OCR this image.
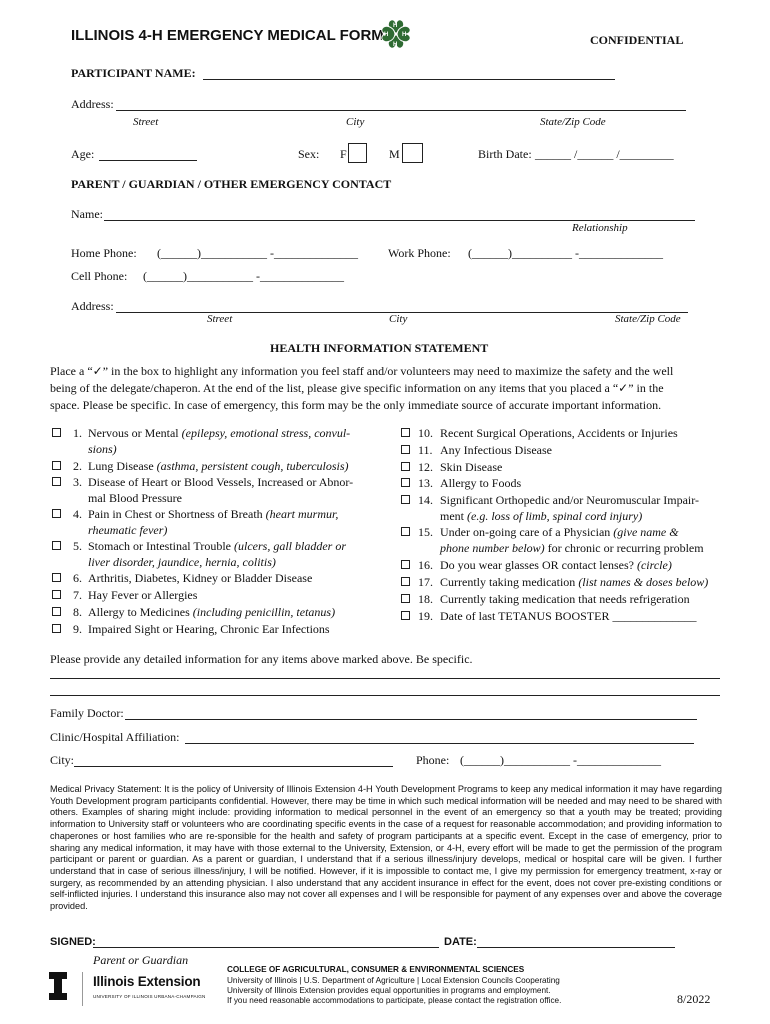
ILLINOIS 4-H EMERGENCY MEDICAL FORM
H
H
H H	CONFIDENTIAL
PARTICIPANT NAME:
Address:
Street	City	State/Zip Code
Age:	Sex: F	M	Birth Date: ______ /______ /_________
PARENT / GUARDIAN / OTHER EMERGENCY CONTACT
Name:
Relationship
Home Phone: (______)___________ -______________	Work Phone: (______)__________ -______________
Cell Phone: (______)___________ -______________
Address:
Street	City	State/Zip Code
HEALTH INFORMATION STATEMENT
Place a “✓” in the box to highlight any information you feel staff and/or volunteers may need to maximize the safety and the well
being of the delegate/chaperon. At the end of the list, please give specific information on any items that you placed a “✓” in the
space. Please be specific. In case of emergency, this form may be the only immediate source of accurate important information.
1. Nervous or Mental (epilepsy, emotional stress, convul-
sions)
2. Lung Disease (asthma, persistent cough, tuberculosis)
3. Disease of Heart or Blood Vessels, Increased or Abnor-
mal Blood Pressure
4. Pain in Chest or Shortness of Breath (heart murmur,
rheumatic fever)
5. Stomach or Intestinal Trouble (ulcers, gall bladder or
liver disorder, jaundice, hernia, colitis)
6. Arthritis, Diabetes, Kidney or Bladder Disease
7. Hay Fever or Allergies
8. Allergy to Medicines (including penicillin, tetanus)
9. Impaired Sight or Hearing, Chronic Ear Infections
10. Recent Surgical Operations, Accidents or Injuries
11. Any Infectious Disease
12. Skin Disease
13. Allergy to Foods
14. Significant Orthopedic and/or Neuromuscular Impair-
ment (e.g. loss of limb, spinal cord injury)
15. Under on-going care of a Physician (give name &
phone number below) for chronic or recurring problem
16. Do you wear glasses OR contact lenses? (circle)
17. Currently taking medication (list names & doses below)
18. Currently taking medication that needs refrigeration
19. Date of last TETANUS BOOSTER ______________
Please provide any detailed information for any items above marked above. Be specific.
Family Doctor:
Clinic/Hospital Affiliation:
City:	Phone: (______)___________ -______________
Medical Privacy Statement: It is the policy of University of Illinois Extension 4-H Youth Development Programs to keep any medical information it may have regarding Youth Development program participants confidential. However, there may be time in which such medical information will be needed and may need to be shared with others. Examples of sharing might include: providing information to medical personnel in the event of an emergency so that a youth may be treated; providing information to University staff or volunteers who are coordinating specific events in the case of a request for reasonable accommodation; and providing information to chaperones or host families who are re-sponsible for the health and safety of program participants at a specific event. Except in the case of emergency, prior to sharing any medical information, it may have with those external to the University, Extension, or 4-H, every effort will be made to get the permission of the program participant or parent or guardian. As a parent or guardian, I understand that if a serious illness/injury develops, medical or hospital care will be given. I further understand that in case of serious illness/injury, I will be notified. However, if it is impossible to contact me, I give my permission for emergency treatment, x-ray or surgery, as recommended by an attending physician. I also understand that any accident insurance in effect for the event, does not cover pre-existing conditions or self-inflicted injuries. I understand this insurance also may not cover all expenses and I will be responsible for payment of any expenses over and above the coverage provided.
SIGNED:	DATE:
Parent or Guardian
Illinois Extension
UNIVERSITY OF ILLINOIS URBANA-CHAMPAIGN
COLLEGE OF AGRICULTURAL, CONSUMER & ENVIRONMENTAL SCIENCES
University of Illinois | U.S. Department of Agriculture | Local Extension Councils Cooperating
University of Illinois Extension provides equal opportunities in programs and employment.
If you need reasonable accommodations to participate, please contact the registration office.	8/2022
